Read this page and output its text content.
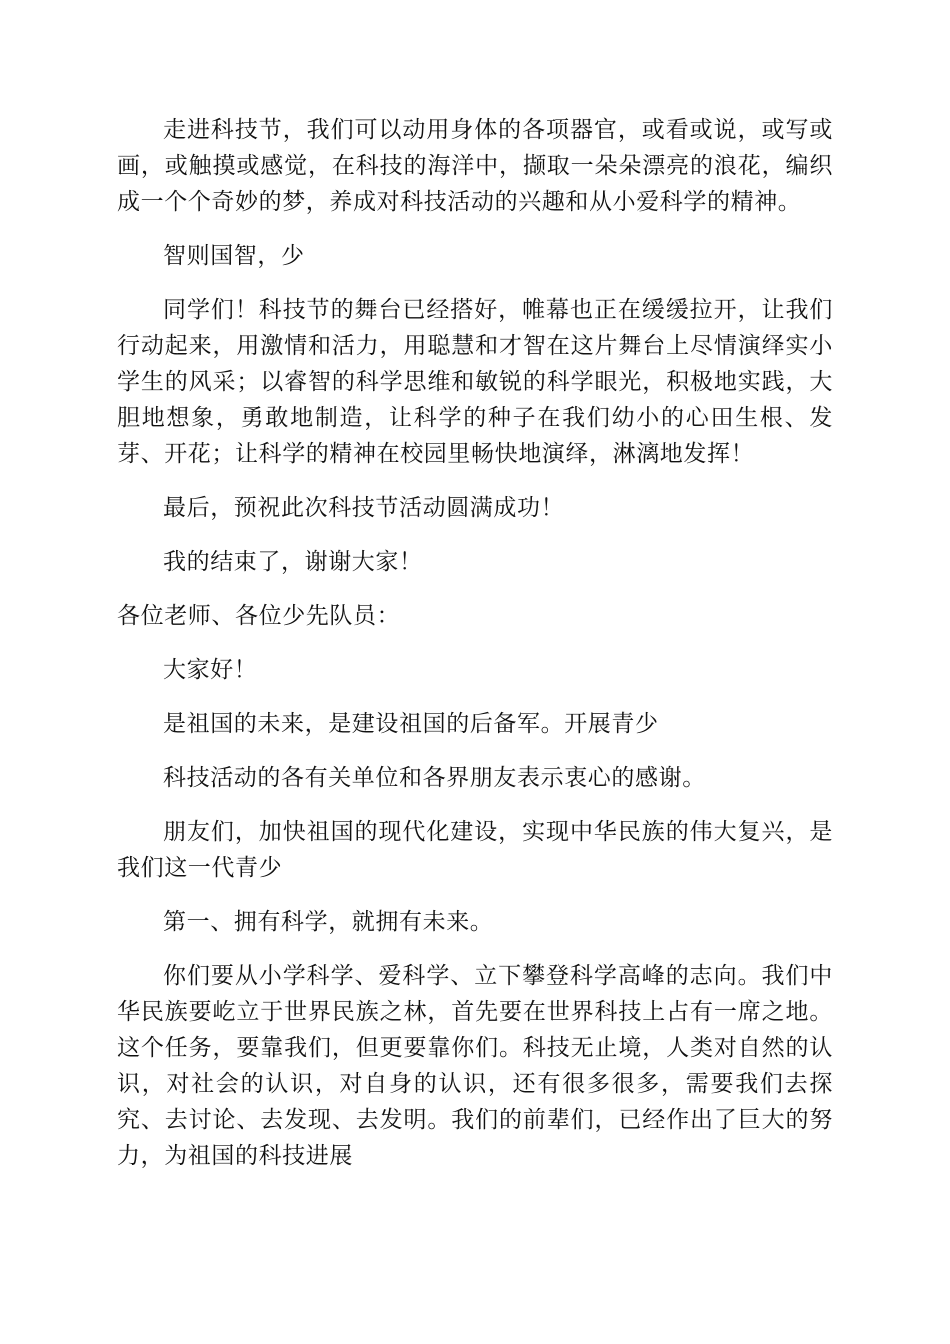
走进科技节，我们可以动用身体的各项器官，或看或说，或写或画，或触摸或感觉，在科技的海洋中，撷取一朵朵漂亮的浪花，编织成一个个奇妙的梦，养成对科技活动的兴趣和从小爱科学的精神。

智则国智，少

同学们！科技节的舞台已经搭好，帷幕也正在缓缓拉开，让我们行动起来，用激情和活力，用聪慧和才智在这片舞台上尽情演绎实小学生的风采；以睿智的科学思维和敏锐的科学眼光，积极地实践，大胆地想象，勇敢地制造，让科学的种子在我们幼小的心田生根、发芽、开花；让科学的精神在校园里畅快地演绎，淋漓地发挥！

最后，预祝此次科技节活动圆满成功！

我的结束了，谢谢大家！

各位老师、各位少先队员：

大家好！

是祖国的未来，是建设祖国的后备军。开展青少

科技活动的各有关单位和各界朋友表示衷心的感谢。

朋友们，加快祖国的现代化建设，实现中华民族的伟大复兴，是我们这一代青少

第一、拥有科学，就拥有未来。

你们要从小学科学、爱科学、立下攀登科学高峰的志向。我们中华民族要屹立于世界民族之林，首先要在世界科技上占有一席之地。这个任务，要靠我们，但更要靠你们。科技无止境，人类对自然的认识，对社会的认识，对自身的认识，还有很多很多，需要我们去探究、去讨论、去发现、去发明。我们的前辈们，已经作出了巨大的努力，为祖国的科技进展
